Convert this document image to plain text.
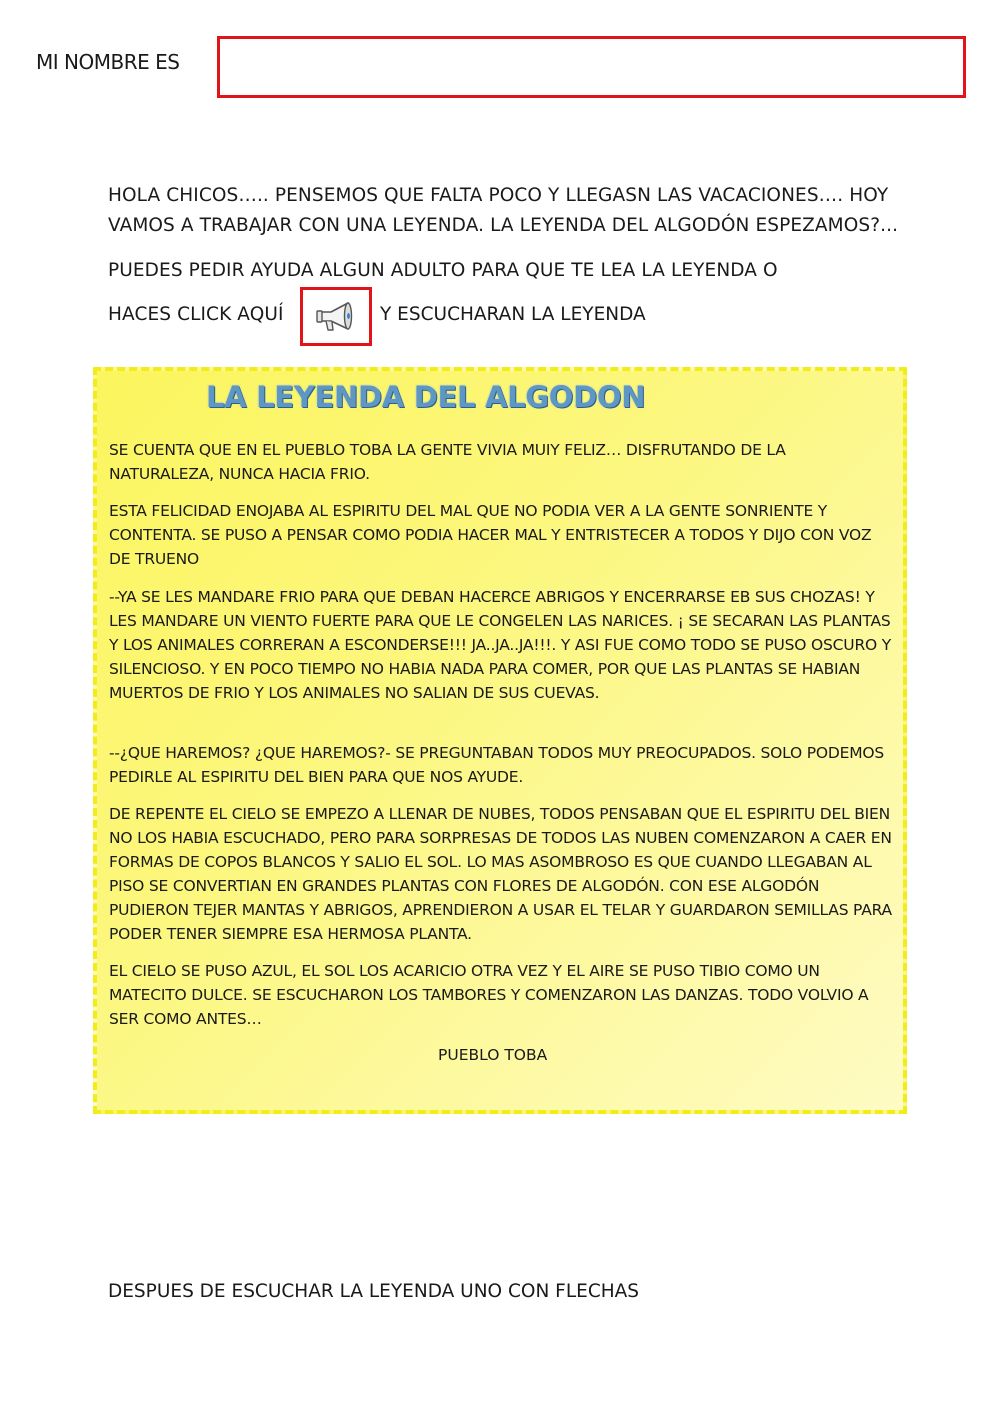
MI NOMBRE ES
HOLA CHICOS….. PENSEMOS QUE FALTA POCO Y LLEGASN LAS VACACIONES…. HOY VAMOS A TRABAJAR CON UNA LEYENDA. LA LEYENDA DEL ALGODÓN ESPEZAMOS?...
PUEDES PEDIR AYUDA ALGUN ADULTO PARA QUE TE LEA LA LEYENDA O
HACES CLICK AQUÍ	Y ESCUCHARAN LA LEYENDA
LA LEYENDA DEL ALGODON
SE CUENTA QUE EN EL PUEBLO TOBA LA GENTE VIVIA MUIY FELIZ… DISFRUTANDO DE LA NATURALEZA, NUNCA HACIA FRIO.
ESTA FELICIDAD ENOJABA AL ESPIRITU DEL MAL QUE NO PODIA VER A LA GENTE SONRIENTE Y CONTENTA. SE PUSO A PENSAR COMO PODIA HACER MAL Y ENTRISTECER A TODOS Y DIJO CON VOZ DE TRUENO
--YA SE LES MANDARE FRIO PARA QUE DEBAN HACERCE ABRIGOS Y ENCERRARSE EB SUS CHOZAS! Y LES MANDARE UN VIENTO FUERTE PARA QUE LE CONGELEN LAS NARICES. ¡ SE SECARAN LAS PLANTAS Y LOS ANIMALES CORRERAN A ESCONDERSE!!! JA..JA..JA!!!. Y ASI FUE COMO TODO SE PUSO OSCURO Y SILENCIOSO. Y EN POCO TIEMPO NO HABIA NADA PARA COMER, POR QUE LAS PLANTAS SE HABIAN MUERTOS DE FRIO Y LOS ANIMALES NO SALIAN DE SUS CUEVAS.
--¿QUE HAREMOS? ¿QUE HAREMOS?- SE PREGUNTABAN TODOS MUY PREOCUPADOS. SOLO PODEMOS PEDIRLE AL ESPIRITU DEL BIEN PARA QUE NOS AYUDE.
DE REPENTE EL CIELO SE EMPEZO A LLENAR DE NUBES, TODOS PENSABAN QUE EL ESPIRITU DEL BIEN NO LOS HABIA ESCUCHADO, PERO PARA SORPRESAS DE TODOS LAS NUBEN COMENZARON A CAER EN FORMAS DE COPOS BLANCOS Y SALIO EL SOL. LO MAS ASOMBROSO ES QUE CUANDO LLEGABAN AL PISO SE CONVERTIAN EN GRANDES PLANTAS CON FLORES DE ALGODÓN. CON ESE ALGODÓN PUDIERON TEJER MANTAS Y ABRIGOS, APRENDIERON A USAR EL TELAR Y GUARDARON SEMILLAS PARA PODER TENER SIEMPRE ESA HERMOSA PLANTA.
EL CIELO SE PUSO AZUL, EL SOL LOS ACARICIO OTRA VEZ Y EL AIRE SE PUSO TIBIO COMO UN MATECITO DULCE. SE ESCUCHARON LOS TAMBORES Y COMENZARON LAS DANZAS. TODO VOLVIO A SER COMO ANTES…
PUEBLO TOBA
DESPUES DE ESCUCHAR LA LEYENDA UNO CON FLECHAS
